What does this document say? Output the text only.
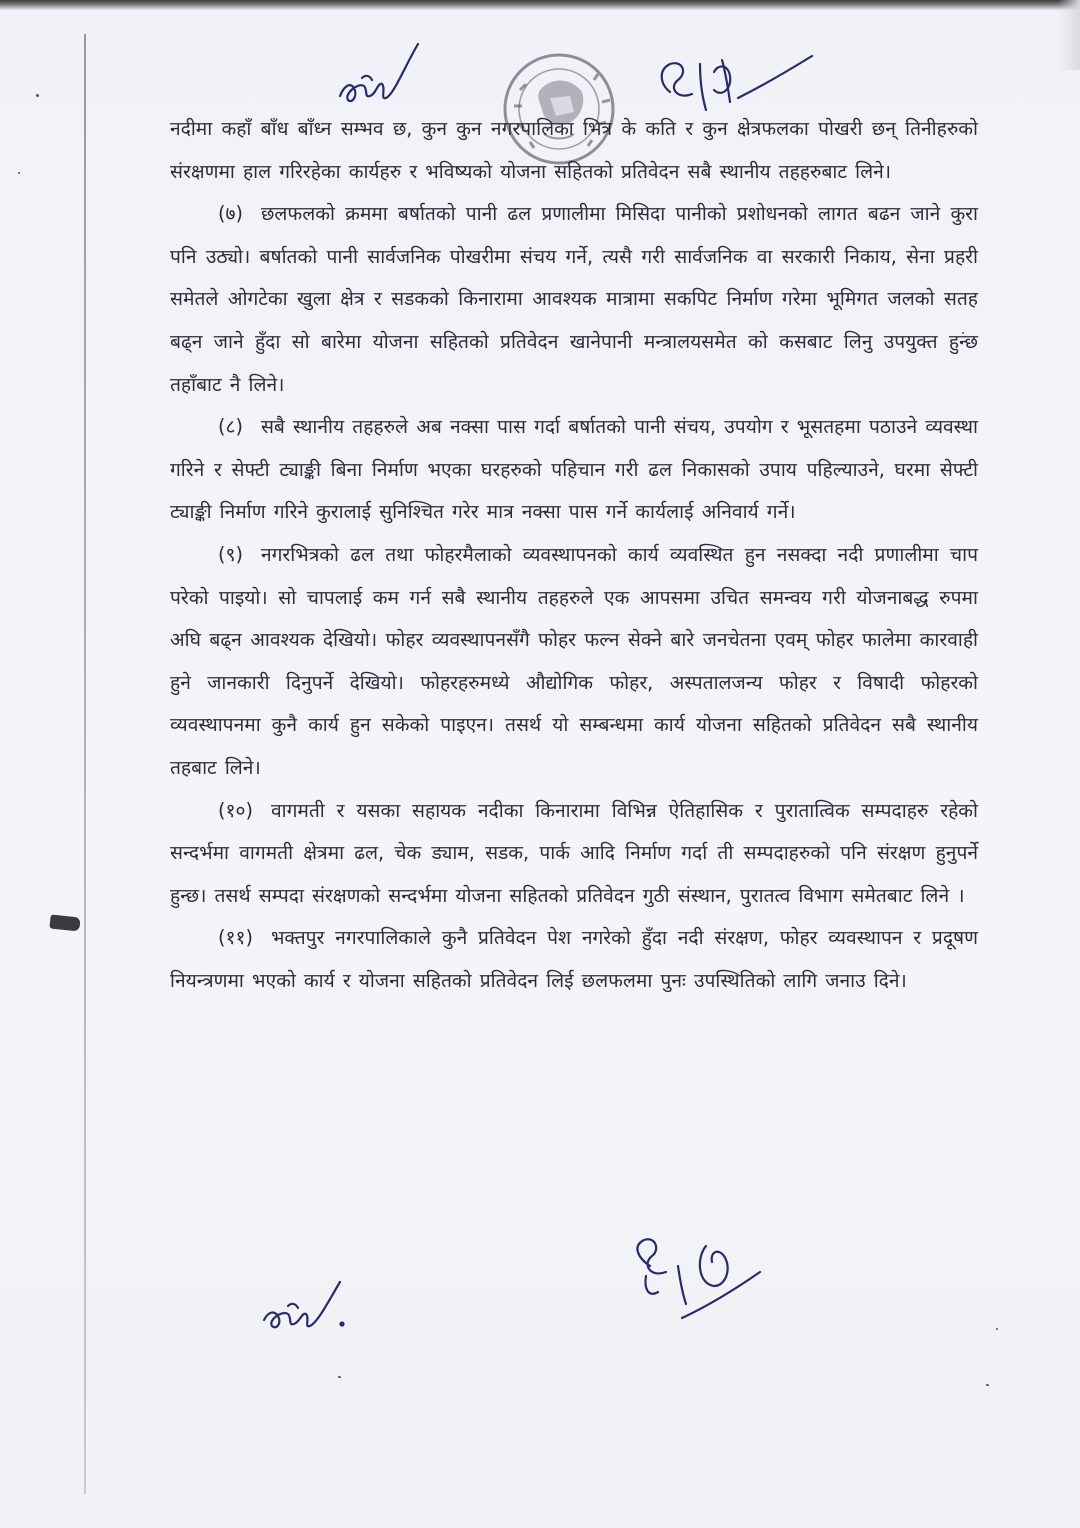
नदीमा कहाँ बाँध बाँध्न सम्भव छ, कुन कुन नगरपालिका भित्र के कति र कुन क्षेत्रफलका पोखरी छन् तिनीहरुको संरक्षणमा हाल गरिरहेका कार्यहरु र भविष्यको योजना सहितको प्रतिवेदन सबै स्थानीय तहहरुबाट लिने।

(७) छलफलको क्रममा बर्षातको पानी ढल प्रणालीमा मिसिदा पानीको प्रशोधनको लागत बढन जाने कुरा पनि उठ्यो। बर्षातको पानी सार्वजनिक पोखरीमा संचय गर्ने, त्यसै गरी सार्वजनिक वा सरकारी निकाय, सेना प्रहरी समेतले ओगटेका खुला क्षेत्र र सडकको किनारामा आवश्यक मात्रामा सकपिट निर्माण गरेमा भूमिगत जलको सतह बढ्न जाने हुँदा सो बारेमा योजना सहितको प्रतिवेदन खानेपानी मन्त्रालयसमेत को कसबाट लिनु उपयुक्त हुन्छ तहाँबाट नै लिने।

(८) सबै स्थानीय तहहरुले अब नक्सा पास गर्दा बर्षातको पानी संचय, उपयोग र भूसतहमा पठाउने व्यवस्था गरिने र सेफ्टी ट्याङ्की बिना निर्माण भएका घरहरुको पहिचान गरी ढल निकासको उपाय पहिल्याउने, घरमा सेफ्टी ट्याङ्की निर्माण गरिने कुरालाई सुनिश्चित गरेर मात्र नक्सा पास गर्ने कार्यलाई अनिवार्य गर्ने।

(९) नगरभित्रको ढल तथा फोहरमैलाको व्यवस्थापनको कार्य व्यवस्थित हुन नसक्दा नदी प्रणालीमा चाप परेको पाइयो। सो चापलाई कम गर्न सबै स्थानीय तहहरुले एक आपसमा उचित समन्वय गरी योजनाबद्ध रुपमा अघि बढ्न आवश्यक देखियो। फोहर व्यवस्थापनसँगै फोहर फल्न सेक्ने बारे जनचेतना एवम् फोहर फालेमा कारवाही हुने जानकारी दिनुपर्ने देखियो। फोहरहरुमध्ये औद्योगिक फोहर, अस्पतालजन्य फोहर र विषादी फोहरको व्यवस्थापनमा कुनै कार्य हुन सकेको पाइएन। तसर्थ यो सम्बन्धमा कार्य योजना सहितको प्रतिवेदन सबै स्थानीय तहबाट लिने।

(१०) वागमती र यसका सहायक नदीका किनारामा विभिन्न ऐतिहासिक र पुरातात्विक सम्पदाहरु रहेको सन्दर्भमा वागमती क्षेत्रमा ढल, चेक ड्याम, सडक, पार्क आदि निर्माण गर्दा ती सम्पदाहरुको पनि संरक्षण हुनुपर्ने हुन्छ। तसर्थ सम्पदा संरक्षणको सन्दर्भमा योजना सहितको प्रतिवेदन गुठी संस्थान, पुरातत्व विभाग समेतबाट लिने ।

(११) भक्तपुर नगरपालिकाले कुनै प्रतिवेदन पेश नगरेको हुँदा नदी संरक्षण, फोहर व्यवस्थापन र प्रदूषण नियन्त्रणमा भएको कार्य र योजना सहितको प्रतिवेदन लिई छलफलमा पुनः उपस्थितिको लागि जनाउ दिने।
